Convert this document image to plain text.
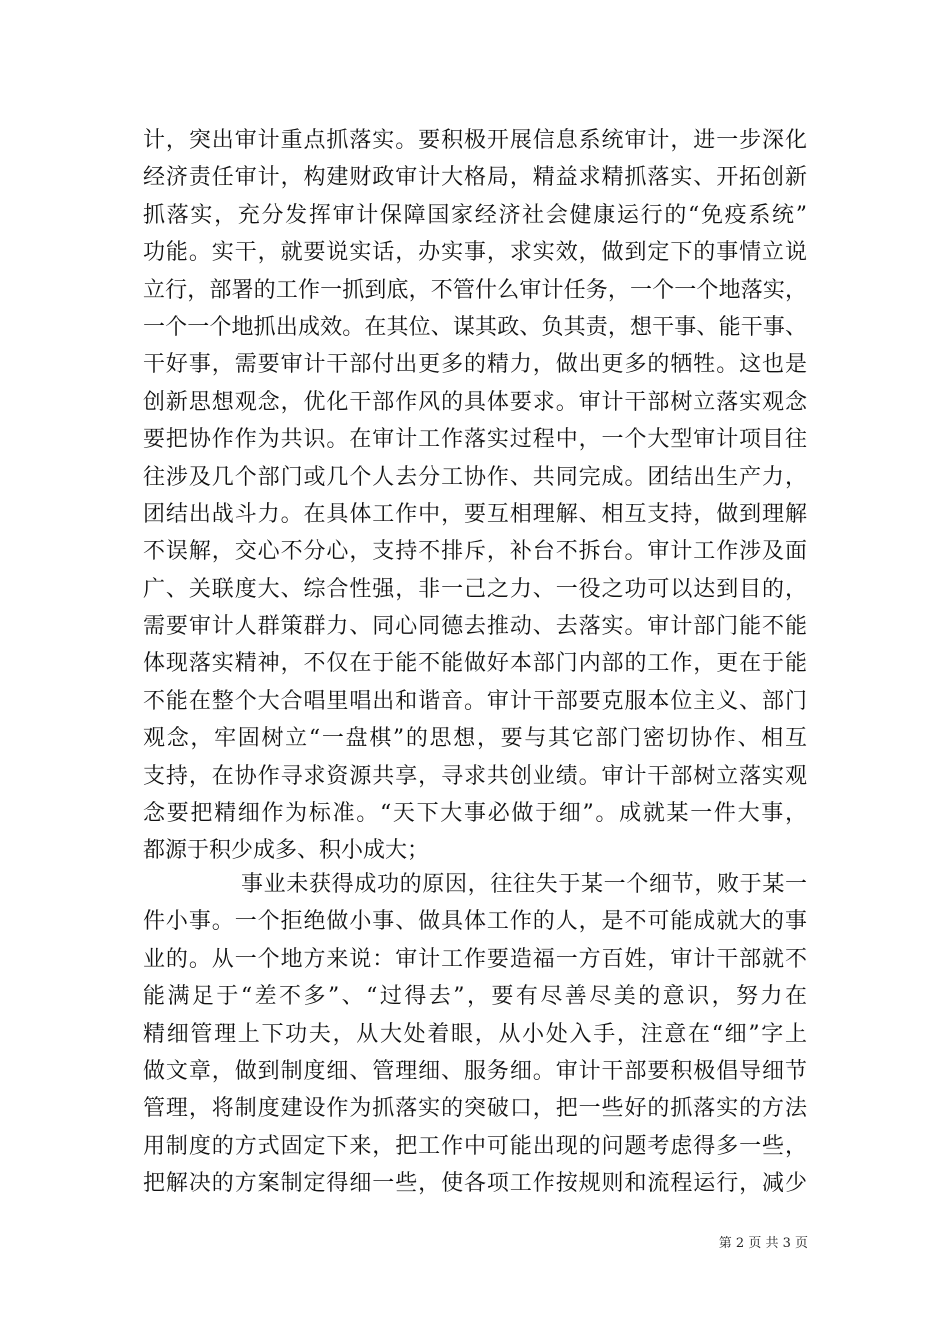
计，突出审计重点抓落实。要积极开展信息系统审计，进一步深化
经济责任审计，构建财政审计大格局，精益求精抓落实、开拓创新
抓落实，充分发挥审计保障国家经济社会健康运行的“免疫系统”
功能。实干，就要说实话，办实事，求实效，做到定下的事情立说
立行，部署的工作一抓到底，不管什么审计任务，一个一个地落实，
一个一个地抓出成效。在其位、谋其政、负其责，想干事、能干事、
干好事，需要审计干部付出更多的精力，做出更多的牺牲。这也是
创新思想观念，优化干部作风的具体要求。审计干部树立落实观念
要把协作作为共识。在审计工作落实过程中，一个大型审计项目往
往涉及几个部门或几个人去分工协作、共同完成。团结出生产力，
团结出战斗力。在具体工作中，要互相理解、相互支持，做到理解
不误解，交心不分心，支持不排斥，补台不拆台。审计工作涉及面
广、关联度大、综合性强，非一己之力、一役之功可以达到目的，
需要审计人群策群力、同心同德去推动、去落实。审计部门能不能
体现落实精神，不仅在于能不能做好本部门内部的工作，更在于能
不能在整个大合唱里唱出和谐音。审计干部要克服本位主义、部门
观念，牢固树立“一盘棋”的思想，要与其它部门密切协作、相互
支持，在协作寻求资源共享，寻求共创业绩。审计干部树立落实观
念要把精细作为标准。“天下大事必做于细”。成就某一件大事，
都源于积少成多、积小成大；
事业未获得成功的原因，往往失于某一个细节，败于某一
件小事。一个拒绝做小事、做具体工作的人，是不可能成就大的事
业的。从一个地方来说：审计工作要造福一方百姓，审计干部就不
能满足于“差不多”、“过得去”，要有尽善尽美的意识，努力在
精细管理上下功夫，从大处着眼，从小处入手，注意在“细”字上
做文章，做到制度细、管理细、服务细。审计干部要积极倡导细节
管理，将制度建设作为抓落实的突破口，把一些好的抓落实的方法
用制度的方式固定下来，把工作中可能出现的问题考虑得多一些，
把解决的方案制定得细一些，使各项工作按规则和流程运行，减少
第 2 页 共 3 页
